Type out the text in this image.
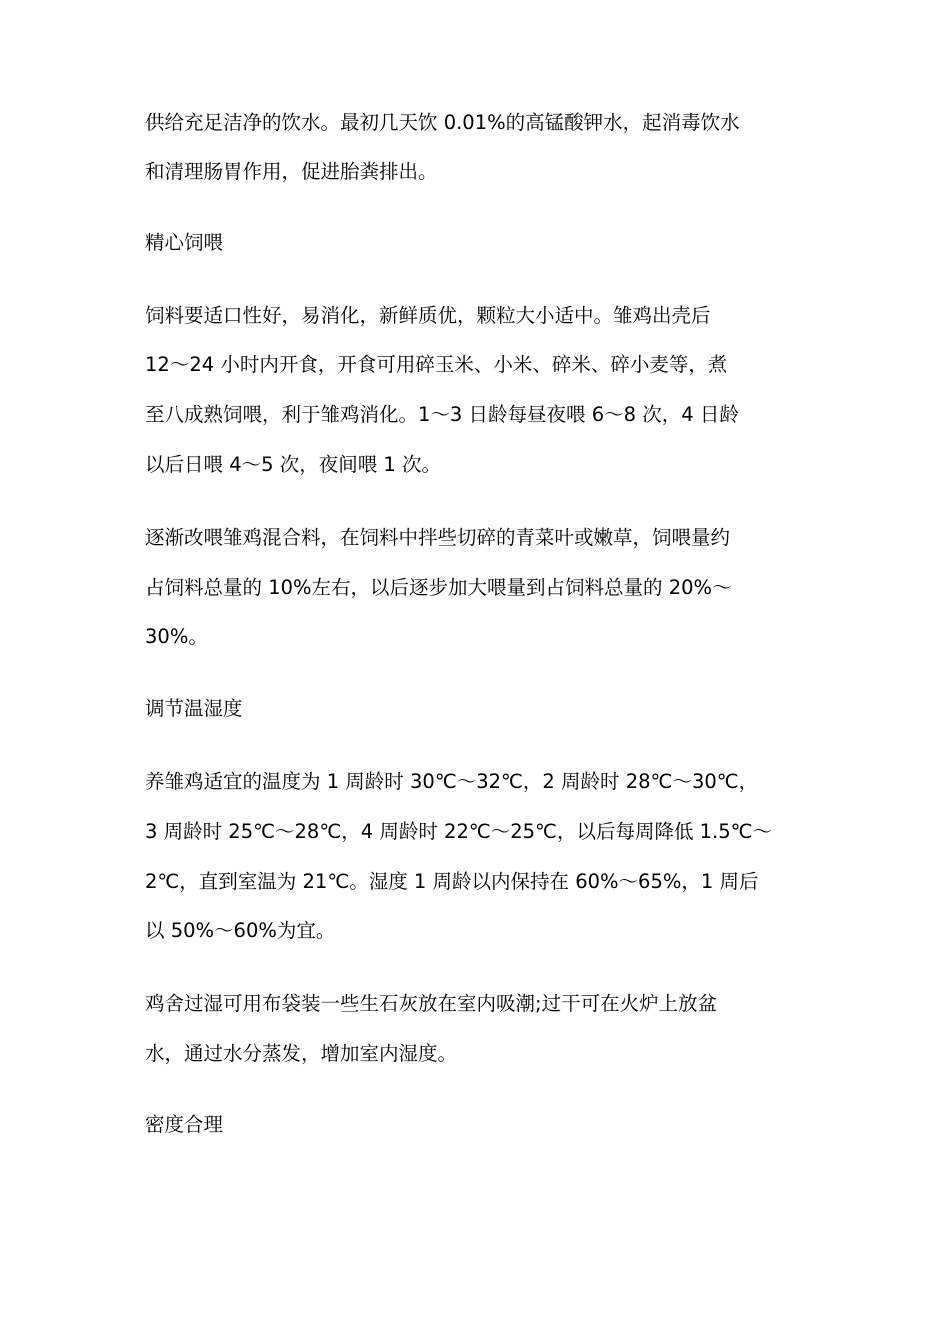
供给充足洁净的饮水。最初几天饮 0.01%的高锰酸钾水，起消毒饮水

和清理肠胃作用，促进胎粪排出。

精心饲喂

饲料要适口性好，易消化，新鲜质优，颗粒大小适中。雏鸡出壳后

12～24 小时内开食，开食可用碎玉米、小米、碎米、碎小麦等，煮

至八成熟饲喂，利于雏鸡消化。1～3 日龄每昼夜喂 6～8 次，4 日龄

以后日喂 4～5 次，夜间喂 1 次。

逐渐改喂雏鸡混合料，在饲料中拌些切碎的青菜叶或嫩草，饲喂量约

占饲料总量的 10%左右，以后逐步加大喂量到占饲料总量的 20%～

30%。

调节温湿度

养雏鸡适宜的温度为 1 周龄时 30℃～32℃，2 周龄时 28℃～30℃，

3 周龄时 25℃～28℃，4 周龄时 22℃～25℃，以后每周降低 1.5℃～

2℃，直到室温为 21℃。湿度 1 周龄以内保持在 60%～65%，1 周后

以 50%～60%为宜。

鸡舍过湿可用布袋装一些生石灰放在室内吸潮;过干可在火炉上放盆

水，通过水分蒸发，增加室内湿度。

密度合理
